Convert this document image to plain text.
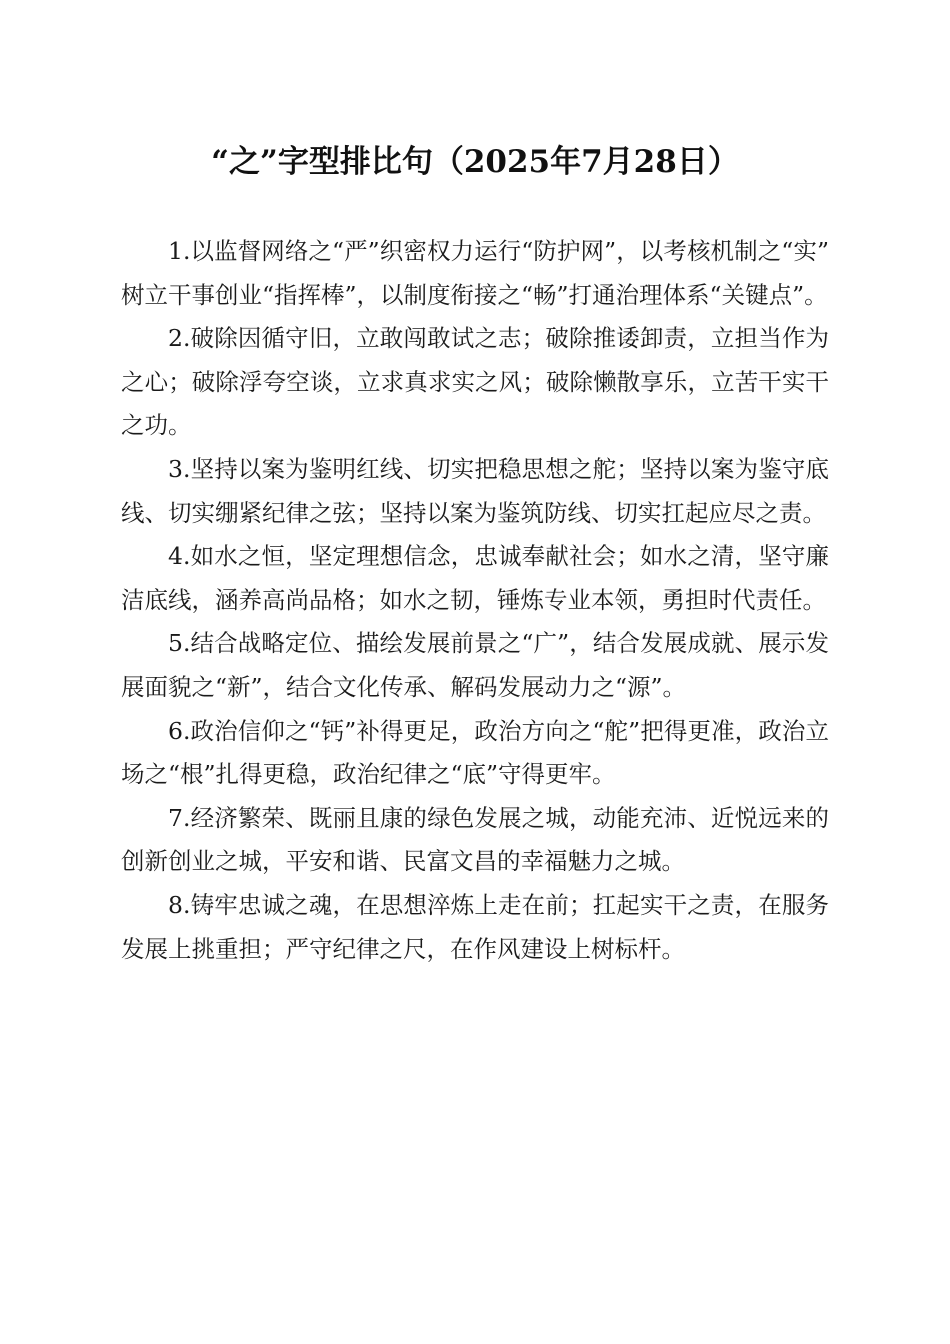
“之”字型排比句（2025年7月28日）

1.以监督网络之“严”织密权力运行“防护网”，以考核机制之“实”树立干事创业“指挥棒”，以制度衔接之“畅”打通治理体系“关键点”。

2.破除因循守旧，立敢闯敢试之志；破除推诿卸责，立担当作为之心；破除浮夸空谈，立求真求实之风；破除懒散享乐，立苦干实干之功。

3.坚持以案为鉴明红线、切实把稳思想之舵；坚持以案为鉴守底线、切实绷紧纪律之弦；坚持以案为鉴筑防线、切实扛起应尽之责。

4.如水之恒，坚定理想信念，忠诚奉献社会；如水之清，坚守廉洁底线，涵养高尚品格；如水之韧，锤炼专业本领，勇担时代责任。

5.结合战略定位、描绘发展前景之“广”，结合发展成就、展示发展面貌之“新”，结合文化传承、解码发展动力之“源”。

6.政治信仰之“钙”补得更足，政治方向之“舵”把得更准，政治立场之“根”扎得更稳，政治纪律之“底”守得更牢。

7.经济繁荣、既丽且康的绿色发展之城，动能充沛、近悦远来的创新创业之城，平安和谐、民富文昌的幸福魅力之城。

8.铸牢忠诚之魂，在思想淬炼上走在前；扛起实干之责，在服务发展上挑重担；严守纪律之尺，在作风建设上树标杆。
